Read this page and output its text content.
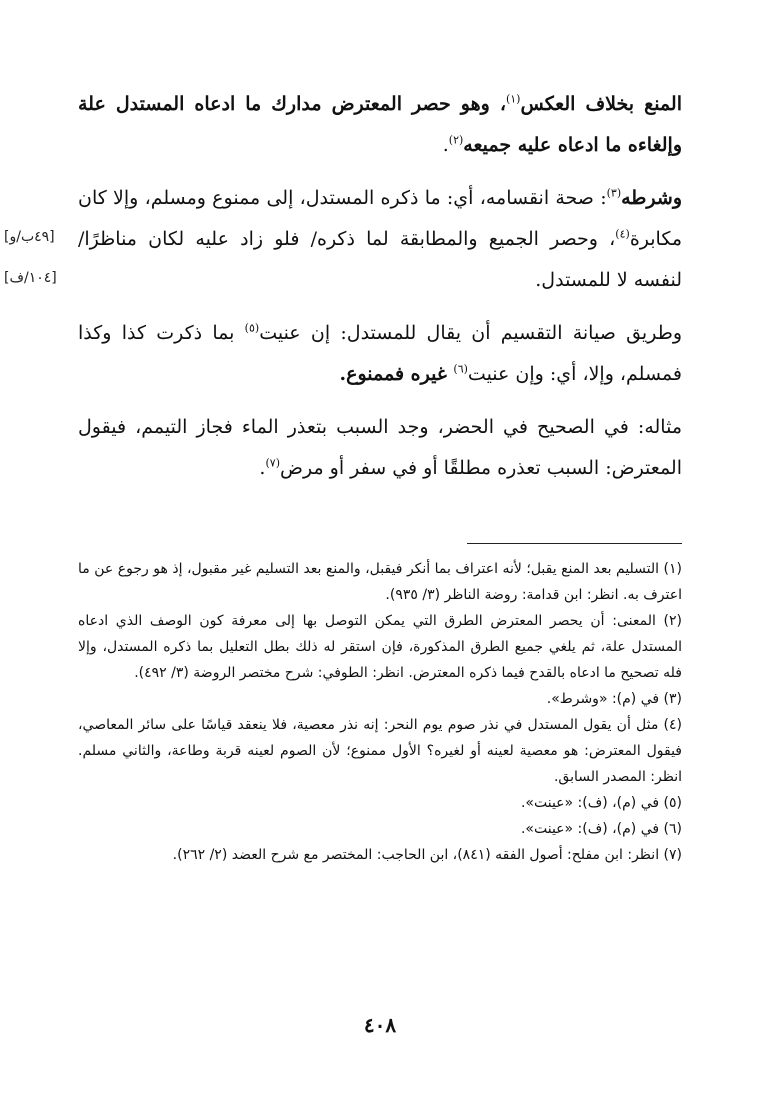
المنع بخلاف العكس$^{(١)}$، وهو حصر المعترض مدارك ما ادعاه المستدل علة وإلغاءه ما ادعاه عليه جميعه$^{(٢)}$.

وشرطه$^{(٣)}$: صحة انقسامه، أي: ما ذكره المستدل، إلى ممنوع ومسلم، وإلا كان مكابرة$^{(٤)}$، وحصر الجميع والمطابقة لما ذكره/ فلو زاد عليه لكان مناظرًا/ لنفسه لا للمستدل.

وطريق صيانة التقسيم أن يقال للمستدل: إن عنيت$^{(٥)}$ بما ذكرت كذا وكذا فمسلم، وإلا، أي: وإن عنيت$^{(٦)}$ غيره فممنوع.

مثاله: في الصحيح في الحضر، وجد السبب بتعذر الماء فجاز التيمم، فيقول المعترض: السبب تعذره مطلقًا أو في سفر أو مرض$^{(٧)}$.

[٤٩ب/و]
[١٠٤/ف]
(١) التسليم بعد المنع يقبل؛ لأنه اعتراف بما أنكر فيقبل، والمنع بعد التسليم غير مقبول، إذ هو رجوع عن ما اعترف به. انظر: ابن قدامة: روضة الناظر (٣/ ٩٣٥).
(٢) المعنى: أن يحصر المعترض الطرق التي يمكن التوصل بها إلى معرفة كون الوصف الذي ادعاه المستدل علة، ثم يلغي جميع الطرق المذكورة، فإن استقر له ذلك بطل التعليل بما ذكره المستدل، وإلا فله تصحيح ما ادعاه بالقدح فيما ذكره المعترض. انظر: الطوفي: شرح مختصر الروضة (٣/ ٤٩٢).
(٣) في (م): «وشرط».
(٤) مثل أن يقول المستدل في نذر صوم يوم النحر: إنه نذر معصية، فلا ينعقد قياسًا على سائر المعاصي، فيقول المعترض: هو معصية لعينه أو لغيره؟ الأول ممنوع؛ لأن الصوم لعينه قربة وطاعة، والثاني مسلم. انظر: المصدر السابق.
(٥) في (م)، (ف): «عينت».
(٦) في (م)، (ف): «عينت».
(٧) انظر: ابن مفلح: أصول الفقه (٨٤١)، ابن الحاجب: المختصر مع شرح العضد (٢/ ٢٦٢).
٤٠٨
